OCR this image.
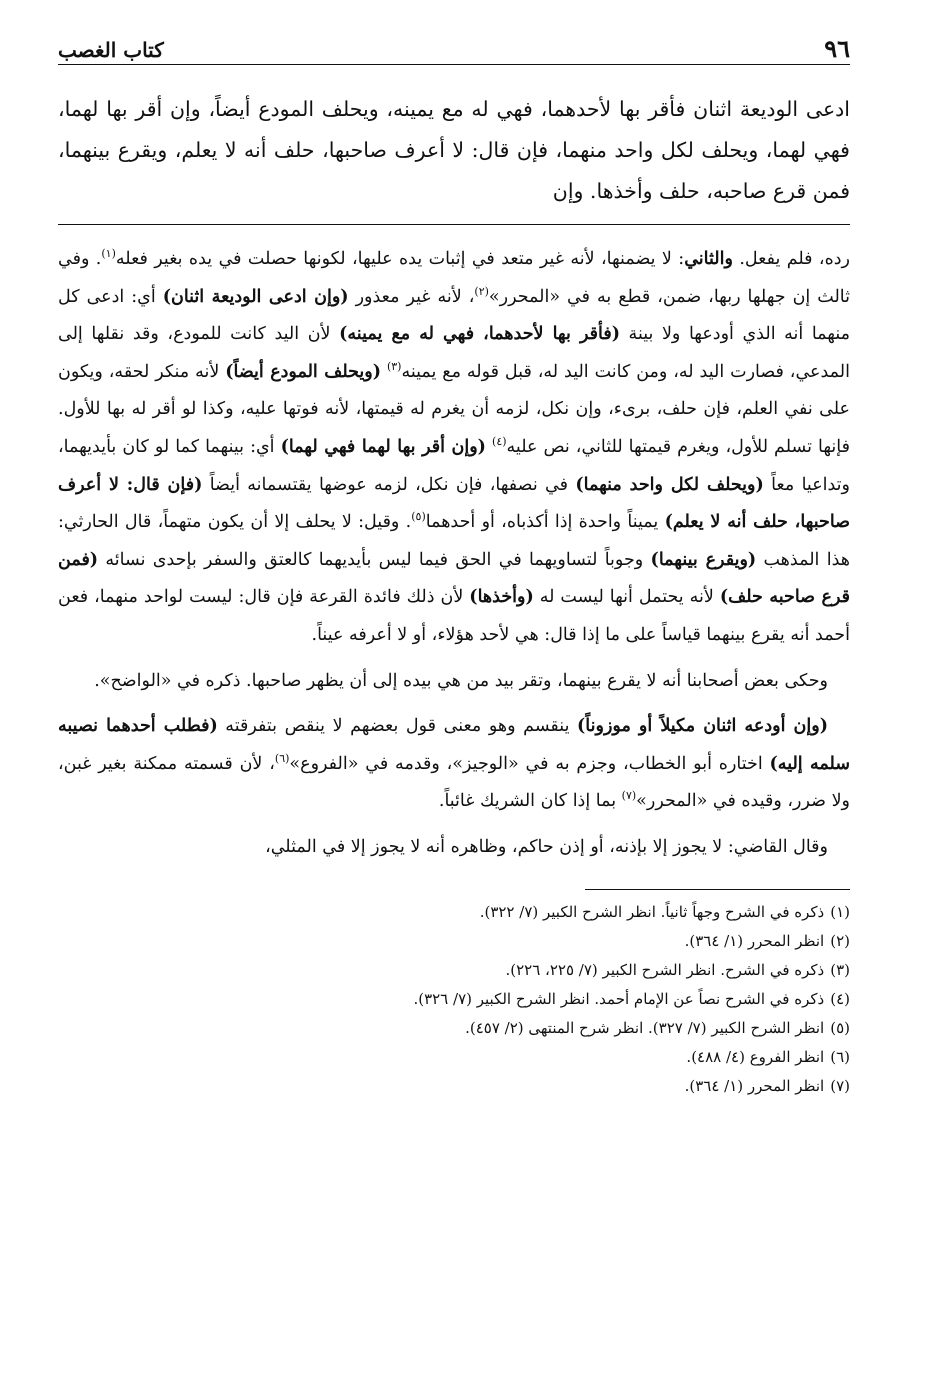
٩٦
كتاب الغصب
ادعى الوديعة اثنان فأقر بها لأحدهما، فهي له مع يمينه، ويحلف المودع أيضاً، وإن أقر بها لهما، فهي لهما، ويحلف لكل واحد منهما، فإن قال: لا أعرف صاحبها، حلف أنه لا يعلم، ويقرع بينهما، فمن قرع صاحبه، حلف وأخذها. وإن

رده، فلم يفعل. والثاني: لا يضمنها، لأنه غير متعد في إثبات يده عليها، لكونها حصلت في يده بغير فعله$^{(١)}$. وفي ثالث إن جهلها ربها، ضمن، قطع به في «المحرر»$^{(٢)}$، لأنه غير معذور (وإن ادعى الوديعة اثنان) أي: ادعى كل منهما أنه الذي أودعها ولا بينة (فأقر بها لأحدهما، فهي له مع يمينه) لأن اليد كانت للمودع، وقد نقلها إلى المدعي، فصارت اليد له، ومن كانت اليد له، قبل قوله مع يمينه$^{(٣)}$ (ويحلف المودع أيضاً) لأنه منكر لحقه، ويكون على نفي العلم، فإن حلف، برىء، وإن نكل، لزمه أن يغرم له قيمتها، لأنه فوتها عليه، وكذا لو أقر له بها للأول. فإنها تسلم للأول، ويغرم قيمتها للثاني، نص عليه$^{(٤)}$ (وإن أقر بها لهما فهي لهما) أي: بينهما كما لو كان بأيديهما، وتداعيا معاً (ويحلف لكل واحد منهما) في نصفها، فإن نكل، لزمه عوضها يقتسمانه أيضاً (فإن قال: لا أعرف صاحبها، حلف أنه لا يعلم) يميناً واحدة إذا أكذباه، أو أحدهما$^{(٥)}$. وقيل: لا يحلف إلا أن يكون متهماً، قال الحارثي: هذا المذهب (ويقرع بينهما) وجوباً لتساويهما في الحق فيما ليس بأيديهما كالعتق والسفر بإحدى نسائه (فمن قرع صاحبه حلف) لأنه يحتمل أنها ليست له (وأخذها) لأن ذلك فائدة القرعة فإن قال: ليست لواحد منهما، فعن أحمد أنه يقرع بينهما قياساً على ما إذا قال: هي لأحد هؤلاء، أو لا أعرفه عيناً.

وحكى بعض أصحابنا أنه لا يقرع بينهما، وتقر بيد من هي بيده إلى أن يظهر صاحبها. ذكره في «الواضح».

(وإن أودعه اثنان مكيلاً أو موزوناً) ينقسم وهو معنى قول بعضهم لا ينقص بتفرقته (فطلب أحدهما نصيبه سلمه إليه) اختاره أبو الخطاب، وجزم به في «الوجيز»، وقدمه في «الفروع»$^{(٦)}$، لأن قسمته ممكنة بغير غبن، ولا ضرر، وقيده في «المحرر»$^{(٧)}$ بما إذا كان الشريك غائباً.

وقال القاضي: لا يجوز إلا بإذنه، أو إذن حاكم، وظاهره أنه لا يجوز إلا في المثلي،

(١)
ذكره في الشرح وجهاً ثانياً. انظر الشرح الكبير (٧/ ٣٢٢).
(٢)
انظر المحرر (١/ ٣٦٤).
(٣)
ذكره في الشرح. انظر الشرح الكبير (٧/ ٢٢٥، ٢٢٦).
(٤)
ذكره في الشرح نصاً عن الإمام أحمد. انظر الشرح الكبير (٧/ ٣٢٦).
(٥)
انظر الشرح الكبير (٧/ ٣٢٧). انظر شرح المنتهى (٢/ ٤٥٧).
(٦)
انظر الفروع (٤/ ٤٨٨).
(٧)
انظر المحرر (١/ ٣٦٤).
